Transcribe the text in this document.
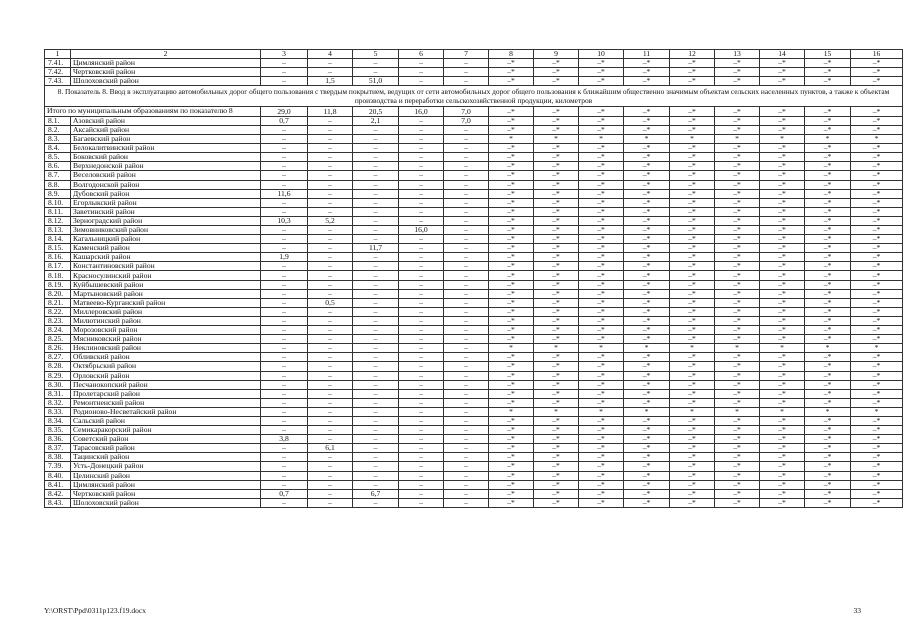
1	2	3	4	5	6	7	8	9	10	11	12	13	14	15	16
7.41.	Цимлянский район	–	–	–	–	–	–*	–*	–*	–*	–*	–*	–*	–*	–*
7.42.	Чертковский район	–	–	–	–	–	–*	–*	–*	–*	–*	–*	–*	–*	–*
7.43.	Шолоховский район	–	1,5	51,0	–	–	–*	–*	–*	–*	–*	–*	–*	–*	–*
8. Показатель 8. Ввод в эксплуатацию автомобильных дорог общего пользования с твердым покрытием, ведущих от сети автомобильных дорог общего пользования к ближайшим общественно значимым объектам сельских населенных пунктов, а также к объектам производства и переработки сельскохозяйственной продукции, километров															
Итого по муниципальным образованиям по показателю 8		29,0	11,8	20,5	16,0	7,0	–*	–*	–*	–*	–*	–*	–*	–*	–*
8.1.	Азовский район	0,7	–	2,1	–	7,0	–*	–*	–*	–*	–*	–*	–*	–*	–*
8.2.	Аксайский район	–	–	–	–	–	–*	–*	–*	–*	–*	–*	–*	–*	–*
8.3.	Багаевский район	–	–	–	–	–	*	*	*	*	*	*	*	*	*
8.4.	Белокалитвинский район	–	–	–	–	–	–*	–*	–*	–*	–*	–*	–*	–*	–*
8.5.	Боковский район	–	–	–	–	–	–*	–*	–*	–*	–*	–*	–*	–*	–*
8.6.	Верхнедонской район	–	–	–	–	–	–*	–*	–*	–*	–*	–*	–*	–*	–*
8.7.	Веселовский район	–	–	–	–	–	–*	–*	–*	–*	–*	–*	–*	–*	–*
8.8.	Волгодонской район	–	–	–	–	–	–*	–*	–*	–*	–*	–*	–*	–*	–*
8.9.	Дубовский район	11,6	–	–	–	–	–*	–*	–*	–*	–*	–*	–*	–*	–*
8.10.	Егорлыкский район	–	–	–	–	–	–*	–*	–*	–*	–*	–*	–*	–*	–*
8.11.	Заветинский район	–	–	–	–	–	–*	–*	–*	–*	–*	–*	–*	–*	–*
8.12.	Зерноградский район	10,3	5,2	–	–	–	–*	–*	–*	–*	–*	–*	–*	–*	–*
8.13.	Зимовниковский район	–	–	–	16,0	–	–*	–*	–*	–*	–*	–*	–*	–*	–*
8.14.	Кагальницкий район	–	–	–	–	–	–*	–*	–*	–*	–*	–*	–*	–*	–*
8.15.	Каменский район	–	–	11,7	–	–	–*	–*	–*	–*	–*	–*	–*	–*	–*
8.16.	Кашарский район	1,9	–	–	–	–	–*	–*	–*	–*	–*	–*	–*	–*	–*
8.17.	Константиновский район	–	–	–	–	–	–*	–*	–*	–*	–*	–*	–*	–*	–*
8.18.	Красносулинский район	–	–	–	–	–	–*	–*	–*	–*	–*	–*	–*	–*	–*
8.19.	Куйбышевский район	–	–	–	–	–	–*	–*	–*	–*	–*	–*	–*	–*	–*
8.20.	Мартыновский район	–	–	–	–	–	–*	–*	–*	–*	–*	–*	–*	–*	–*
8.21.	Матвеево-Курганский район	–	0,5	–	–	–	–*	–*	–*	–*	–*	–*	–*	–*	–*
8.22.	Миллеровский район	–	–	–	–	–	–*	–*	–*	–*	–*	–*	–*	–*	–*
8.23.	Милютинский район	–	–	–	–	–	–*	–*	–*	–*	–*	–*	–*	–*	–*
8.24.	Морозовский район	–	–	–	–	–	–*	–*	–*	–*	–*	–*	–*	–*	–*
8.25.	Мясниковский район	–	–	–	–	–	–*	–*	–*	–*	–*	–*	–*	–*	–*
8.26.	Неклиновский район	–	–	–	–	–	*	*	*	*	*	*	*	*	*
8.27.	Обливский район	–	–	–	–	–	–*	–*	–*	–*	–*	–*	–*	–*	–*
8.28.	Октябрьский район	–	–	–	–	–	–*	–*	–*	–*	–*	–*	–*	–*	–*
8.29.	Орловский район	–	–	–	–	–	–*	–*	–*	–*	–*	–*	–*	–*	–*
8.30.	Песчанокопский район	–	–	–	–	–	–*	–*	–*	–*	–*	–*	–*	–*	–*
8.31.	Пролетарский район	–	–	–	–	–	–*	–*	–*	–*	–*	–*	–*	–*	–*
8.32.	Ремонтненский район	–	–	–	–	–	–*	–*	–*	–*	–*	–*	–*	–*	–*
8.33.	Родионово-Несветайский район	–	–	–	–	–	*	*	*	*	*	*	*	*	*
8.34.	Сальский район	–	–	–	–	–	–*	–*	–*	–*	–*	–*	–*	–*	–*
8.35.	Семикаракорский район	–	–	–	–	–	–*	–*	–*	–*	–*	–*	–*	–*	–*
8.36.	Советский район	3,8	–	–	–	–	–*	–*	–*	–*	–*	–*	–*	–*	–*
8.37.	Тарасовский район	–	6,1	–	–	–	–*	–*	–*	–*	–*	–*	–*	–*	–*
8.38.	Тацинский район	–	–	–	–	–	–*	–*	–*	–*	–*	–*	–*	–*	–*
7.39.	Усть-Донецкий район	–	–	–	–	–	–*	–*	–*	–*	–*	–*	–*	–*	–*
8.40.	Целинский район	–	–	–	–	–	–*	–*	–*	–*	–*	–*	–*	–*	–*
8.41.	Цимлянский район	–	–	–	–	–	–*	–*	–*	–*	–*	–*	–*	–*	–*
8.42.	Чертковский район	0,7	–	6,7	–	–	–*	–*	–*	–*	–*	–*	–*	–*	–*
8.43.	Шолоховский район	–	–	–	–	–	–*	–*	–*	–*	–*	–*	–*	–*	–*
Y:\ORST\Ppd\0311p123.f19.docx	33
